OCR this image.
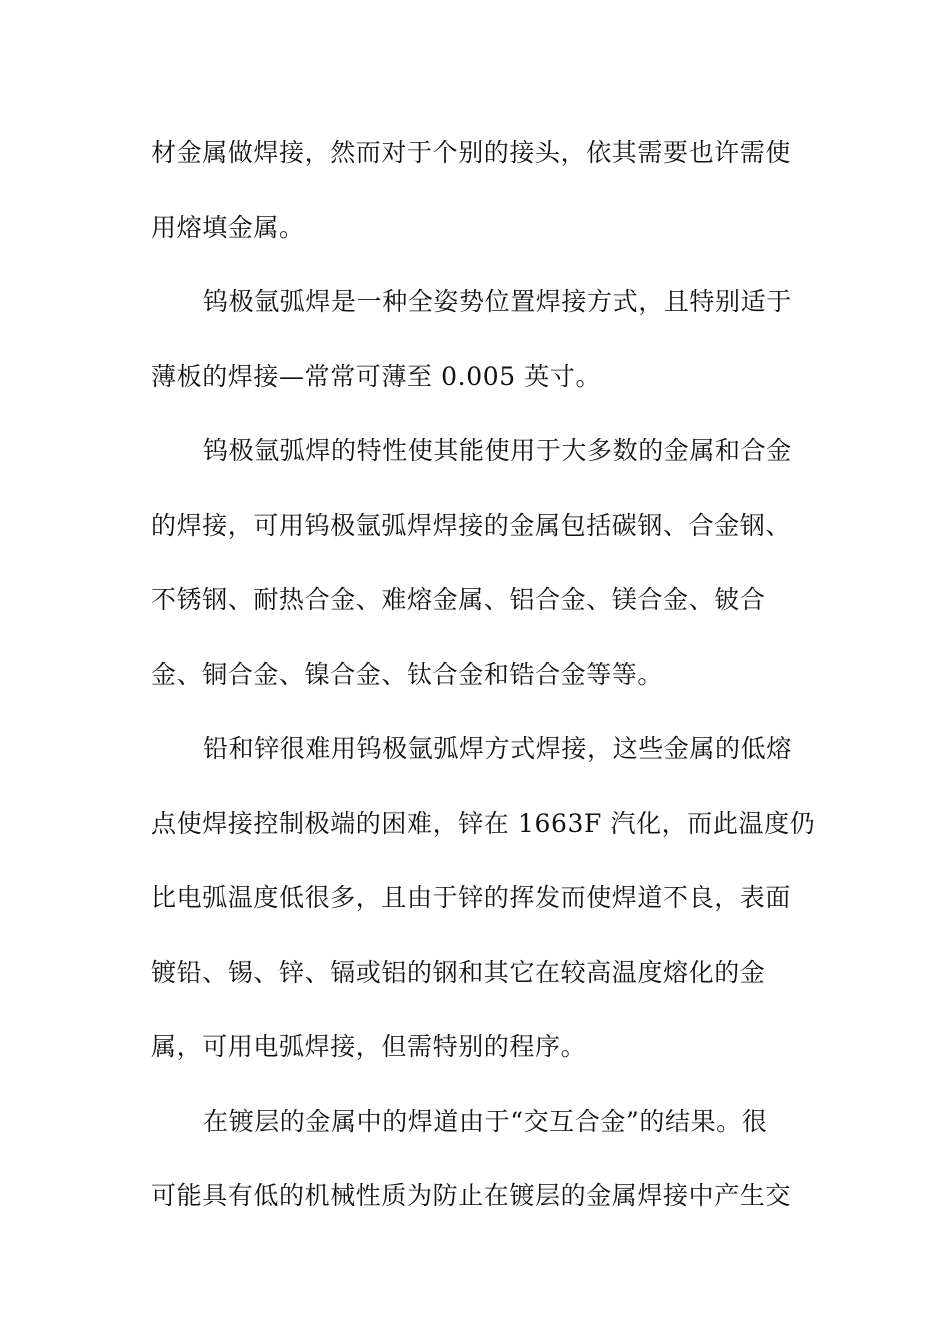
材金属做焊接，然而对于个别的接头，依其需要也许需使
用熔填金属。
钨极氩弧焊是一种全姿势位置焊接方式，且特别适于
薄板的焊接—常常可薄至 0.005 英寸。
钨极氩弧焊的特性使其能使用于大多数的金属和合金
的焊接，可用钨极氩弧焊焊接的金属包括碳钢、合金钢、
不锈钢、耐热合金、难熔金属、铝合金、镁合金、铍合
金、铜合金、镍合金、钛合金和锆合金等等。
铅和锌很难用钨极氩弧焊方式焊接，这些金属的低熔
点使焊接控制极端的困难，锌在 1663F 汽化，而此温度仍
比电弧温度低很多，且由于锌的挥发而使焊道不良，表面
镀铅、锡、锌、镉或铝的钢和其它在较高温度熔化的金
属，可用电弧焊接，但需特别的程序。
在镀层的金属中的焊道由于“交互合金”的结果。很
可能具有低的机械性质为防止在镀层的金属焊接中产生交
